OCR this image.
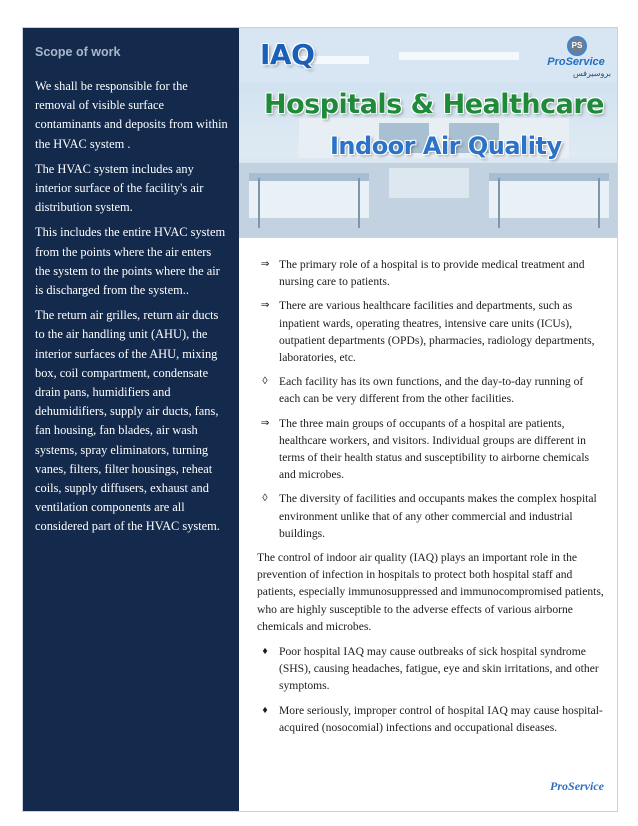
Scope of work

We shall be responsible for the removal of visible surface contaminants and deposits from within the HVAC system .

The HVAC system includes any interior surface of the facility's air distribution system.

This includes the entire HVAC system from the points where the air enters the system to the points where the air is discharged from the system..

The return air grilles, return air ducts to the air handling unit (AHU), the interior surfaces of the AHU, mixing box, coil compartment, condensate drain pans, humidifiers and dehumidifiers, supply air ducts, fans, fan housing, fan blades, air wash systems, spray eliminators, turning vanes, filters, filter housings, reheat coils, supply diffusers, exhaust and ventilation components are all considered part of the HVAC system.

IAQ
Hospitals & Healthcare
Indoor Air Quality
PS
ProService
بروسيرفس
⇒ The primary role of a hospital is to provide medical treatment and nursing care to patients.
⇒ There are various healthcare facilities and departments, such as inpatient wards, operating theatres, intensive care units (ICUs), outpatient departments (OPDs), pharmacies, radiology departments, laboratories, etc.
◊ Each facility has its own functions, and the day-to-day running of each can be very different from the other facilities.
⇒ The three main groups of occupants of a hospital are patients, healthcare workers, and visitors. Individual groups are different in terms of their health status and susceptibility to airborne chemicals and microbes.
◊ The diversity of facilities and occupants makes the complex hospital environment unlike that of any other commercial and industrial buildings.

The control of indoor air quality (IAQ) plays an important role in the prevention of infection in hospitals to protect both hospital staff and patients, especially immunosuppressed and immunocompromised patients, who are highly susceptible to the adverse effects of various airborne chemicals and microbes.

♦ Poor hospital IAQ may cause outbreaks of sick hospital syndrome (SHS), causing headaches, fatigue, eye and skin irritations, and other symptoms.
♦ More seriously, improper control of hospital IAQ may cause hospital-acquired (nosocomial) infections and occupational diseases.
ProService
